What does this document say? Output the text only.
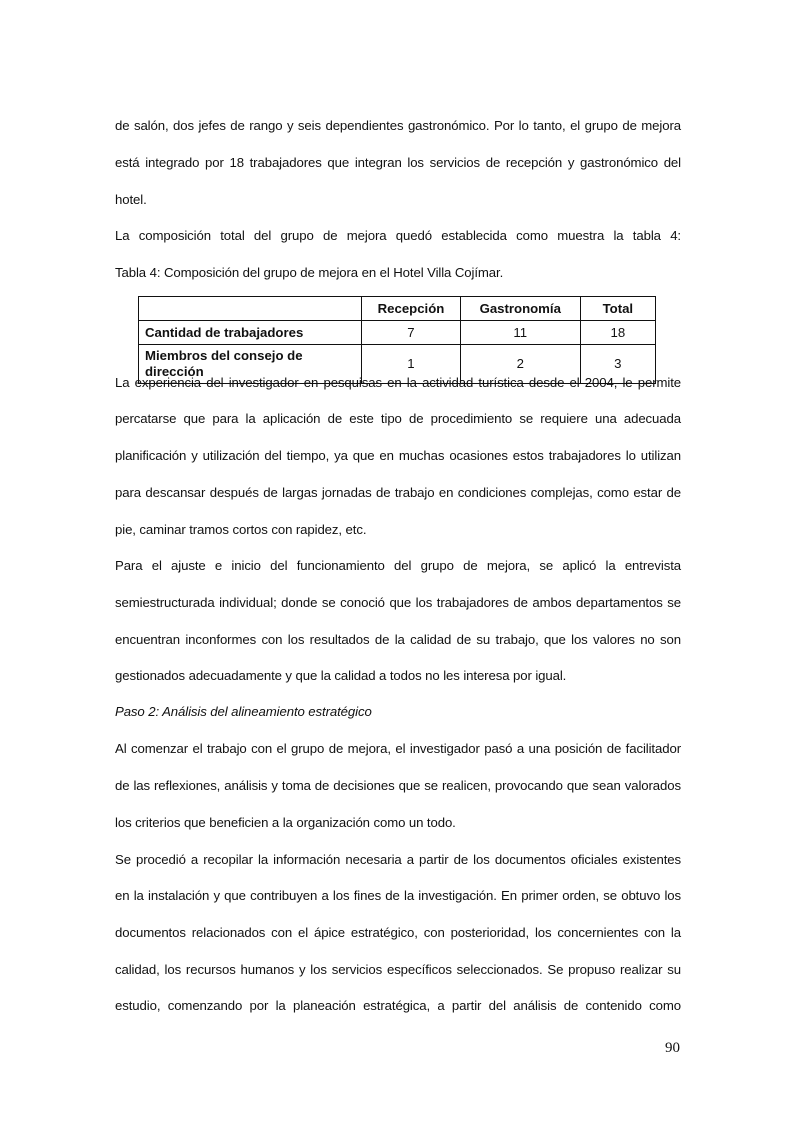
de salón, dos jefes de rango y seis dependientes gastronómico. Por lo tanto, el grupo de mejora
está integrado por 18 trabajadores que integran los servicios de recepción y gastronómico del
hotel.
La composición total del grupo de mejora quedó establecida como muestra la tabla 4:
Tabla 4: Composición del grupo de mejora en el Hotel Villa Cojímar.
	Recepción	Gastronomía	Total
Cantidad de trabajadores	7	11	18
Miembros del consejo de dirección	1	2	3
La experiencia del investigador en pesquisas en la actividad turística desde el 2004, le permite
percatarse que para la aplicación de este tipo de procedimiento se requiere una adecuada
planificación y utilización del tiempo, ya que en muchas ocasiones estos trabajadores lo utilizan
para descansar después de largas jornadas de trabajo en condiciones complejas, como estar de
pie, caminar tramos cortos con rapidez, etc.
Para el ajuste e inicio del funcionamiento del grupo de mejora, se aplicó la entrevista
semiestructurada individual; donde se conoció que los trabajadores de ambos departamentos se
encuentran inconformes con los resultados de la calidad de su trabajo, que los valores no son
gestionados adecuadamente y que la calidad a todos no les interesa por igual.
Paso 2: Análisis del alineamiento estratégico
Al comenzar el trabajo con el grupo de mejora, el investigador pasó a una posición de facilitador
de las reflexiones, análisis y toma de decisiones que se realicen, provocando que sean valorados
los criterios que beneficien a la organización como un todo.
Se procedió a recopilar la información necesaria a partir de los documentos oficiales existentes
en la instalación y que contribuyen a los fines de la investigación. En primer orden, se obtuvo los
documentos relacionados con el ápice estratégico, con posterioridad, los concernientes con la
calidad, los recursos humanos y los servicios específicos seleccionados. Se propuso realizar su
estudio, comenzando por la planeación estratégica, a partir del análisis de contenido como
90
